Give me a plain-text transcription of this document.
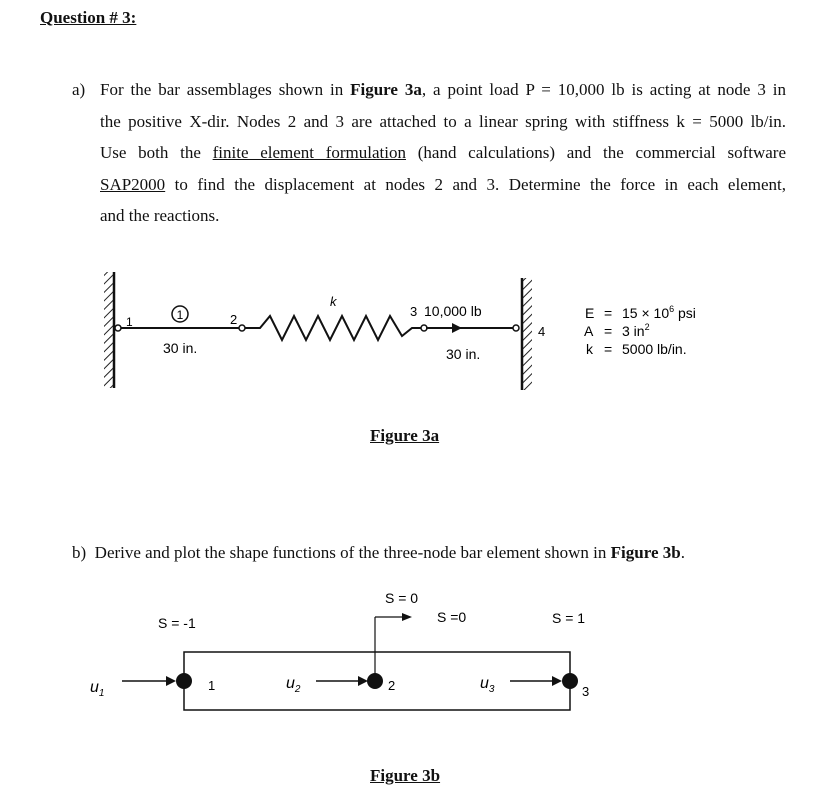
Question # 3:
a) For the bar assemblages shown in Figure 3a, a point load P = 10,000 lb is acting at node 3 in
the positive X-dir. Nodes 2 and 3 are attached to a linear spring with stiffness k = 5000 lb/in.
Use both the finite element formulation (hand calculations) and the commercial software
SAP2000 to find the displacement at nodes 2 and 3. Determine the force in each element,
and the reactions.
1
1	2
30 in.
k
3 10,000 lb
4
30 in.
$E = 15 \times 10^6$ psi
A = 3 $in^2$
k = 5000 lb/in.
Figure 3a
b) Derive and plot the shape functions of the three-node bar element shown in Figure 3b.
S = -1
S = 0
S =0	S = 1
$u_1$
1	$u_2$	2	$u_3$	3
Figure 3b
